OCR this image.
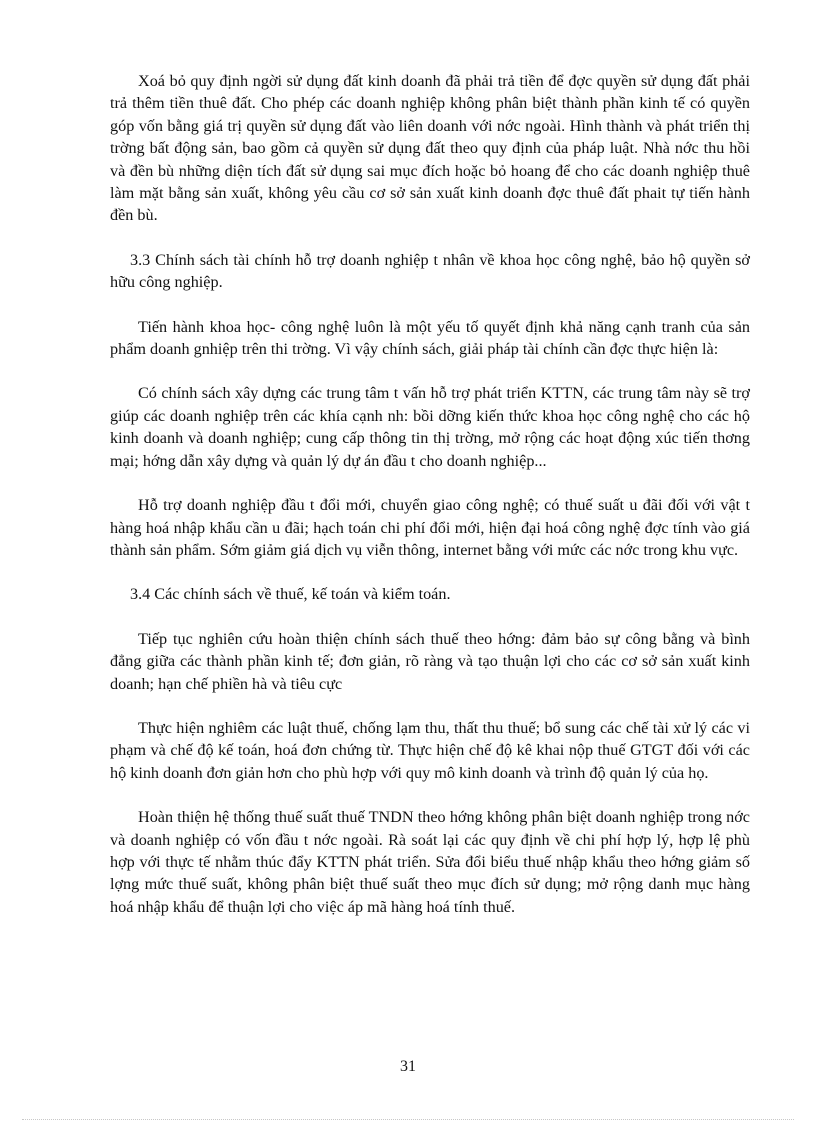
Xoá bỏ quy định ngời sử dụng đất kinh doanh đã phải trả tiền để đợc quyền sử dụng đất phải trả thêm tiền thuê đất. Cho phép các doanh nghiệp không phân biệt thành phần kinh tế có quyền góp vốn bằng giá trị quyền sử dụng đất vào liên doanh với nớc ngoài. Hình thành và phát triển thị trờng bất động sản, bao gồm cả quyền sử dụng đất theo quy định của pháp luật. Nhà nớc thu hồi và đền bù những diện tích đất sử dụng sai mục đích hoặc bỏ hoang để cho các doanh nghiệp thuê làm mặt bằng sản xuất, không yêu cầu cơ sở sản xuất kinh doanh đợc thuê đất phait tự tiến hành đền bù.

3.3 Chính sách tài chính hỗ trợ doanh nghiệp t nhân về khoa học công nghệ, bảo hộ quyền sở hữu công nghiệp.

Tiến hành khoa học- công nghệ luôn là một yếu tố quyết định khả năng cạnh tranh của sản phẩm doanh gnhiệp trên thi trờng. Vì vậy chính sách, giải pháp tài chính cần đợc thực hiện là:

Có chính sách xây dựng các trung tâm t vấn hỗ trợ phát triển KTTN, các trung tâm này sẽ trợ giúp các doanh nghiệp trên các khía cạnh nh: bồi dỡng kiến thức khoa học công nghệ cho các hộ kinh doanh và doanh nghiệp; cung cấp thông tin thị trờng, mở rộng các hoạt động xúc tiến thơng mại; hớng dẫn xây dựng và quản lý dự án đầu t cho doanh nghiệp...

Hỗ trợ doanh nghiệp đầu t đổi mới, chuyển giao công nghệ; có thuế suất u đãi đối với vật t hàng hoá nhập khẩu cần u đãi; hạch toán chi phí đổi mới, hiện đại hoá công nghệ đợc tính vào giá thành sản phẩm. Sớm giảm giá dịch vụ viễn thông, internet bằng với mức các nớc trong khu vực.

3.4 Các chính sách về thuế, kế toán và kiểm toán.

Tiếp tục nghiên cứu hoàn thiện chính sách thuế theo hớng: đảm bảo sự công bằng và bình đẳng giữa các thành phần kinh tế; đơn giản, rõ ràng và tạo thuận lợi cho các cơ sở sản xuất kinh doanh; hạn chế phiền hà và tiêu cực

Thực hiện nghiêm các luật thuế, chống lạm thu, thất thu thuế; bổ sung các chế tài xử lý các vi phạm và chế độ kế toán, hoá đơn chứng từ. Thực hiện chế độ kê khai nộp thuế GTGT đối với các hộ kinh doanh đơn giản hơn cho phù hợp với quy mô kinh doanh và trình độ quản lý của họ.

Hoàn thiện hệ thống thuế suất thuế TNDN theo hớng không phân biệt doanh nghiệp trong nớc và doanh nghiệp có vốn đầu t nớc ngoài. Rà soát lại các quy định về chi phí hợp lý, hợp lệ phù hợp với thực tế nhằm thúc đẩy KTTN phát triển. Sửa đổi biểu thuế nhập khẩu theo hớng giảm số lợng mức thuế suất, không phân biệt thuế suất theo mục đích sử dụng; mở rộng danh mục hàng hoá nhập khẩu để thuận lợi cho việc áp mã hàng hoá tính thuế.

31
